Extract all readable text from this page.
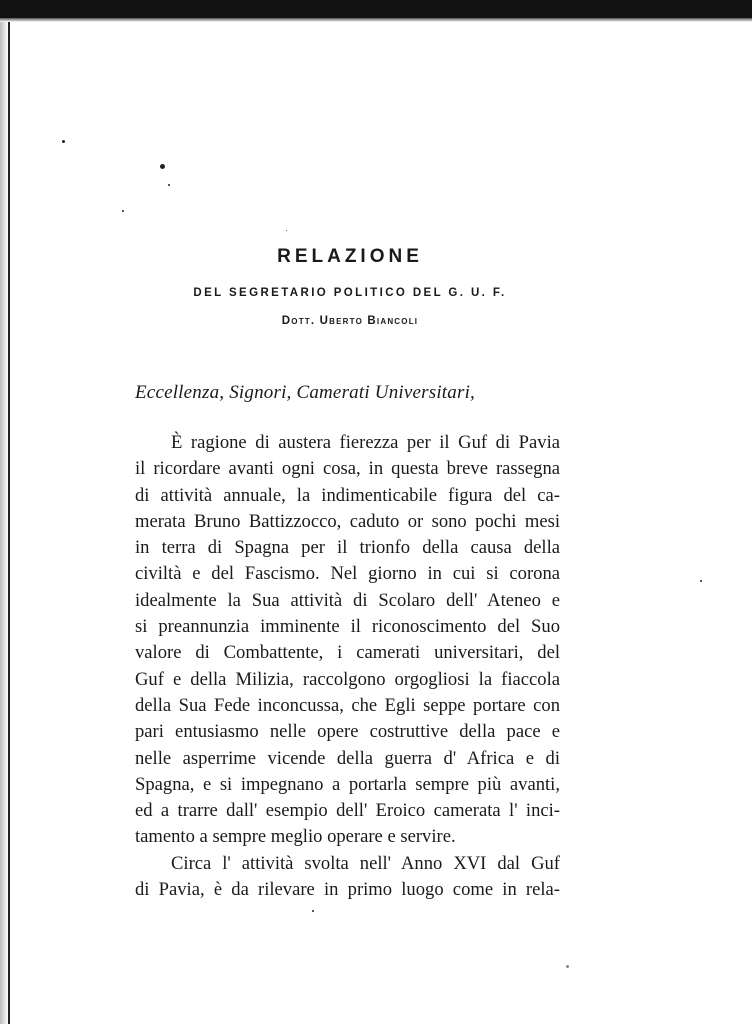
RELAZIONE
DEL SEGRETARIO POLITICO DEL G. U. F.
Dott. Uberto Biancoli
Eccellenza, Signori, Camerati Universitari,
È ragione di austera fierezza per il Guf di Pavia
il ricordare avanti ogni cosa, in questa breve rassegna
di attività annuale, la indimenticabile figura del ca-
merata Bruno Battizzocco, caduto or sono pochi mesi
in terra di Spagna per il trionfo della causa della
civiltà e del Fascismo. Nel giorno in cui si corona
idealmente la Sua attività di Scolaro dell' Ateneo e
si preannunzia imminente il riconoscimento del Suo
valore di Combattente, i camerati universitari, del
Guf e della Milizia, raccolgono orgogliosi la fiaccola
della Sua Fede inconcussa, che Egli seppe portare con
pari entusiasmo nelle opere costruttive della pace e
nelle asperrime vicende della guerra d' Africa e di
Spagna, e si impegnano a portarla sempre più avanti,
ed a trarre dall' esempio dell' Eroico camerata l' inci-
tamento a sempre meglio operare e servire.
Circa l' attività svolta nell' Anno XVI dal Guf
di Pavia, è da rilevare in primo luogo come in rela-
